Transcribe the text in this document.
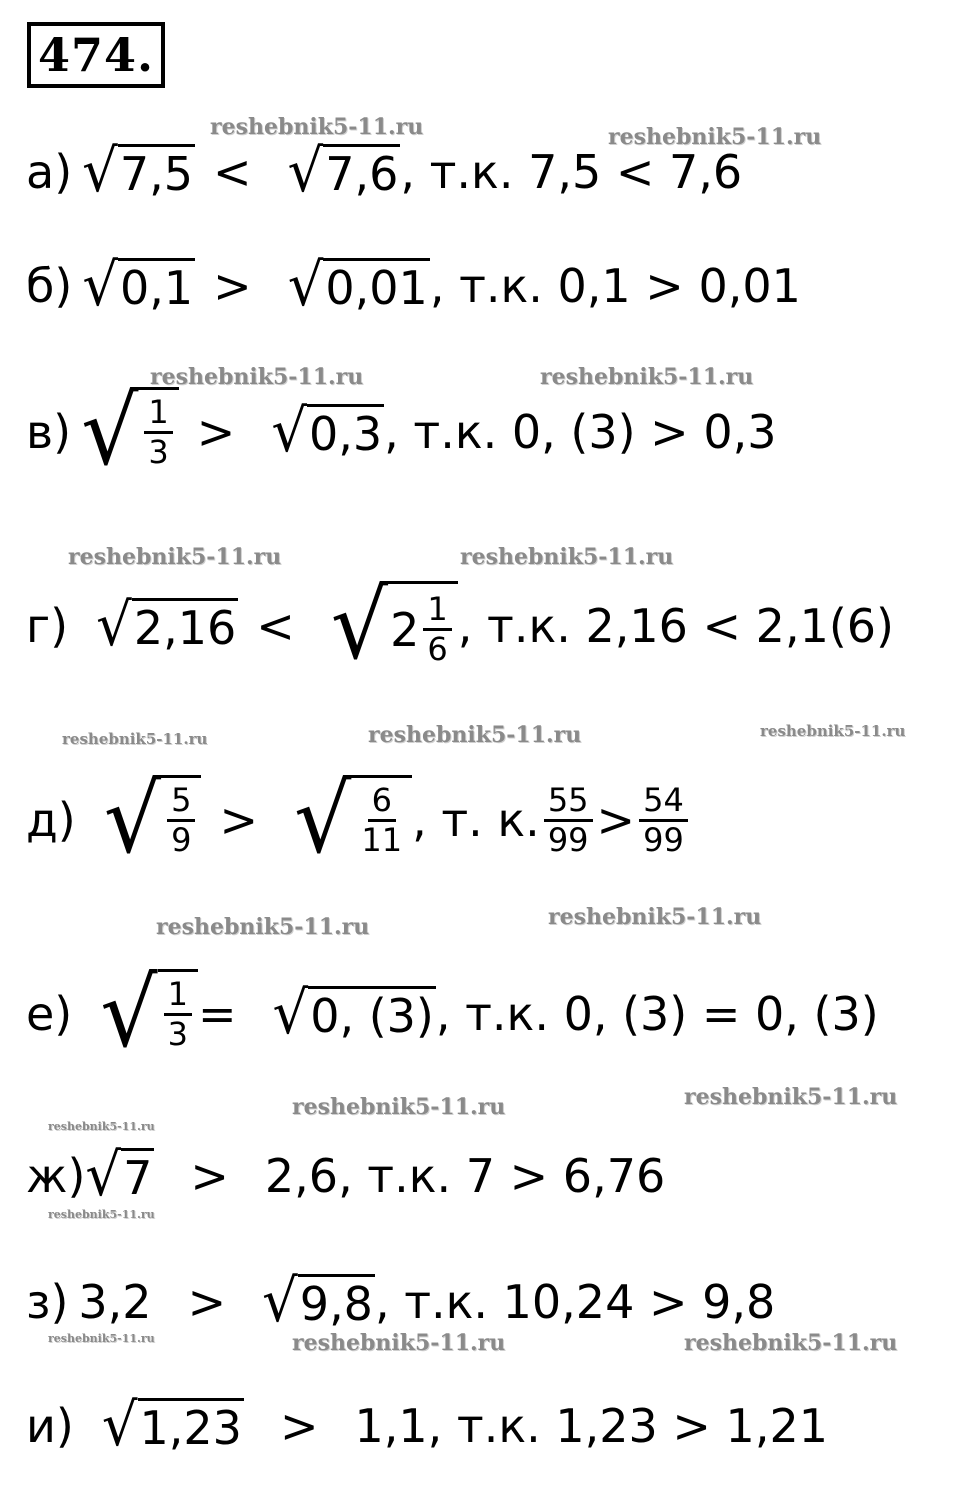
474.
reshebnik5-11.ru	reshebnik5-11.ru
reshebnik5-11.ru	reshebnik5-11.ru
reshebnik5-11.ru	reshebnik5-11.ru
reshebnik5-11.ru	reshebnik5-11.ru	reshebnik5-11.ru
reshebnik5-11.ru	reshebnik5-11.ru
reshebnik5-11.ru
reshebnik5-11.ru
reshebnik5-11.ru
reshebnik5-11.ru
reshebnik5-11.ru	reshebnik5-11.ru
reshebnik5-11.ru
а) √ 7,5 < √ 7,6 , т.к. 7,5 < 7,6
б) √ 0,1 > √ 0,01 , т.к. 0,1 > 0,01
в) √ $\frac{1}{3}$ > √ 0,3 , т.к. 0, (3) > 0,3
г) √ 2,16 < √ $2 \frac{1}{6}$ , т.к. 2,16 < 2,1(6)
д) √ $\frac{5}{9}$ > √ $\frac{6}{11}$ , т. к. $\frac{55}{99} > \frac{54}{99}$
е) √ $\frac{1}{3}$ = √ 0, (3) , т.к. 0, (3) = 0, (3)
ж) √ 7 > 2,6 , т.к. 7 > 6,76
з) 3,2 > √ 9,8 , т.к. 10,24 > 9,8
и) √ 1,23 > 1,1 , т.к. 1,23 > 1,21
